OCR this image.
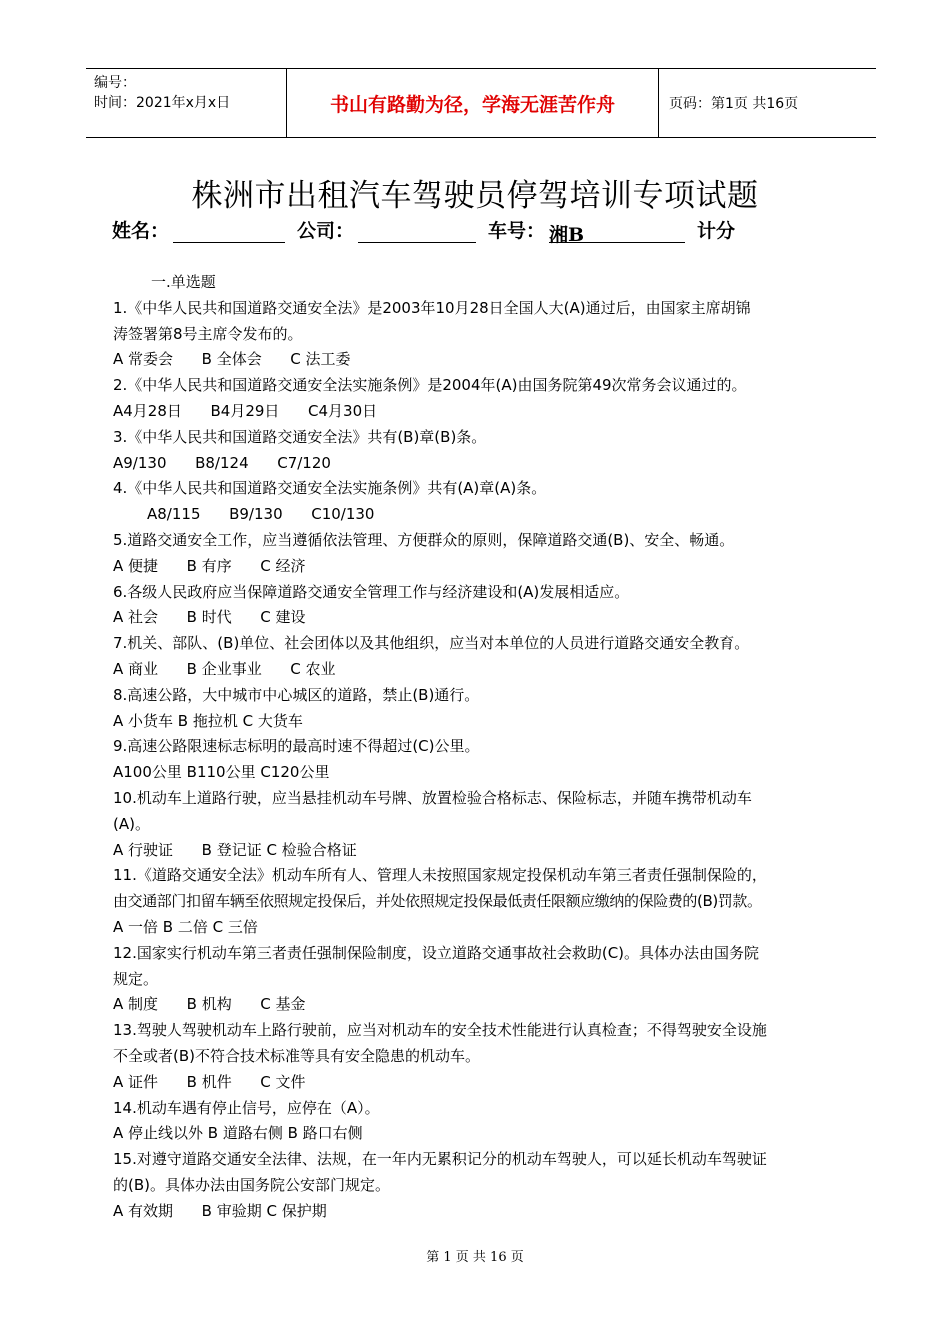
编号：
时间：2021年x月x日	书山有路勤为径，学海无涯苦作舟	页码：第1页 共16页
株洲市出租汽车驾驶员停驾培训专项试题
姓名：	公司：	车号： 湘B	计分

一.单选题

1.《中华人民共和国道路交通安全法》是2003年10月28日全国人大(A)通过后，由国家主席胡锦

涛签署第8号主席令发布的。

A 常委会      B 全体会      C 法工委

2.《中华人民共和国道路交通安全法实施条例》是2004年(A)由国务院第49次常务会议通过的。

A4月28日      B4月29日      C4月30日

3.《中华人民共和国道路交通安全法》共有(B)章(B)条。

A9/130      B8/124      C7/120

4.《中华人民共和国道路交通安全法实施条例》共有(A)章(A)条。

A8/115      B9/130      C10/130

5.道路交通安全工作，应当遵循依法管理、方便群众的原则，保障道路交通(B)、安全、畅通。

A 便捷      B 有序      C 经济

6.各级人民政府应当保障道路交通安全管理工作与经济建设和(A)发展相适应。

A 社会      B 时代      C 建设

7.机关、部队、(B)单位、社会团体以及其他组织，应当对本单位的人员进行道路交通安全教育。

A 商业      B 企业事业      C 农业

8.高速公路，大中城市中心城区的道路，禁止(B)通行。

A 小货车 B 拖拉机 C 大货车

9.高速公路限速标志标明的最高时速不得超过(C)公里。

A100公里 B110公里 C120公里

10.机动车上道路行驶，应当悬挂机动车号牌、放置检验合格标志、保险标志，并随车携带机动车

(A)。

A 行驶证      B 登记证 C 检验合格证

11.《道路交通安全法》机动车所有人、管理人未按照国家规定投保机动车第三者责任强制保险的，

由交通部门扣留车辆至依照规定投保后，并处依照规定投保最低责任限额应缴纳的保险费的(B)罚款。

A 一倍 B 二倍 C 三倍

12.国家实行机动车第三者责任强制保险制度，设立道路交通事故社会救助(C)。具体办法由国务院

规定。

A 制度      B 机构      C 基金

13.驾驶人驾驶机动车上路行驶前，应当对机动车的安全技术性能进行认真检查；不得驾驶安全设施

不全或者(B)不符合技术标准等具有安全隐患的机动车。

A 证件      B 机件      C 文件

14.机动车遇有停止信号，应停在（A）。

A 停止线以外 B 道路右侧 B 路口右侧

15.对遵守道路交通安全法律、法规，在一年内无累积记分的机动车驾驶人，可以延长机动车驾驶证

的(B)。具体办法由国务院公安部门规定。

A 有效期      B 审验期 C 保护期

第 1 页 共 16 页
